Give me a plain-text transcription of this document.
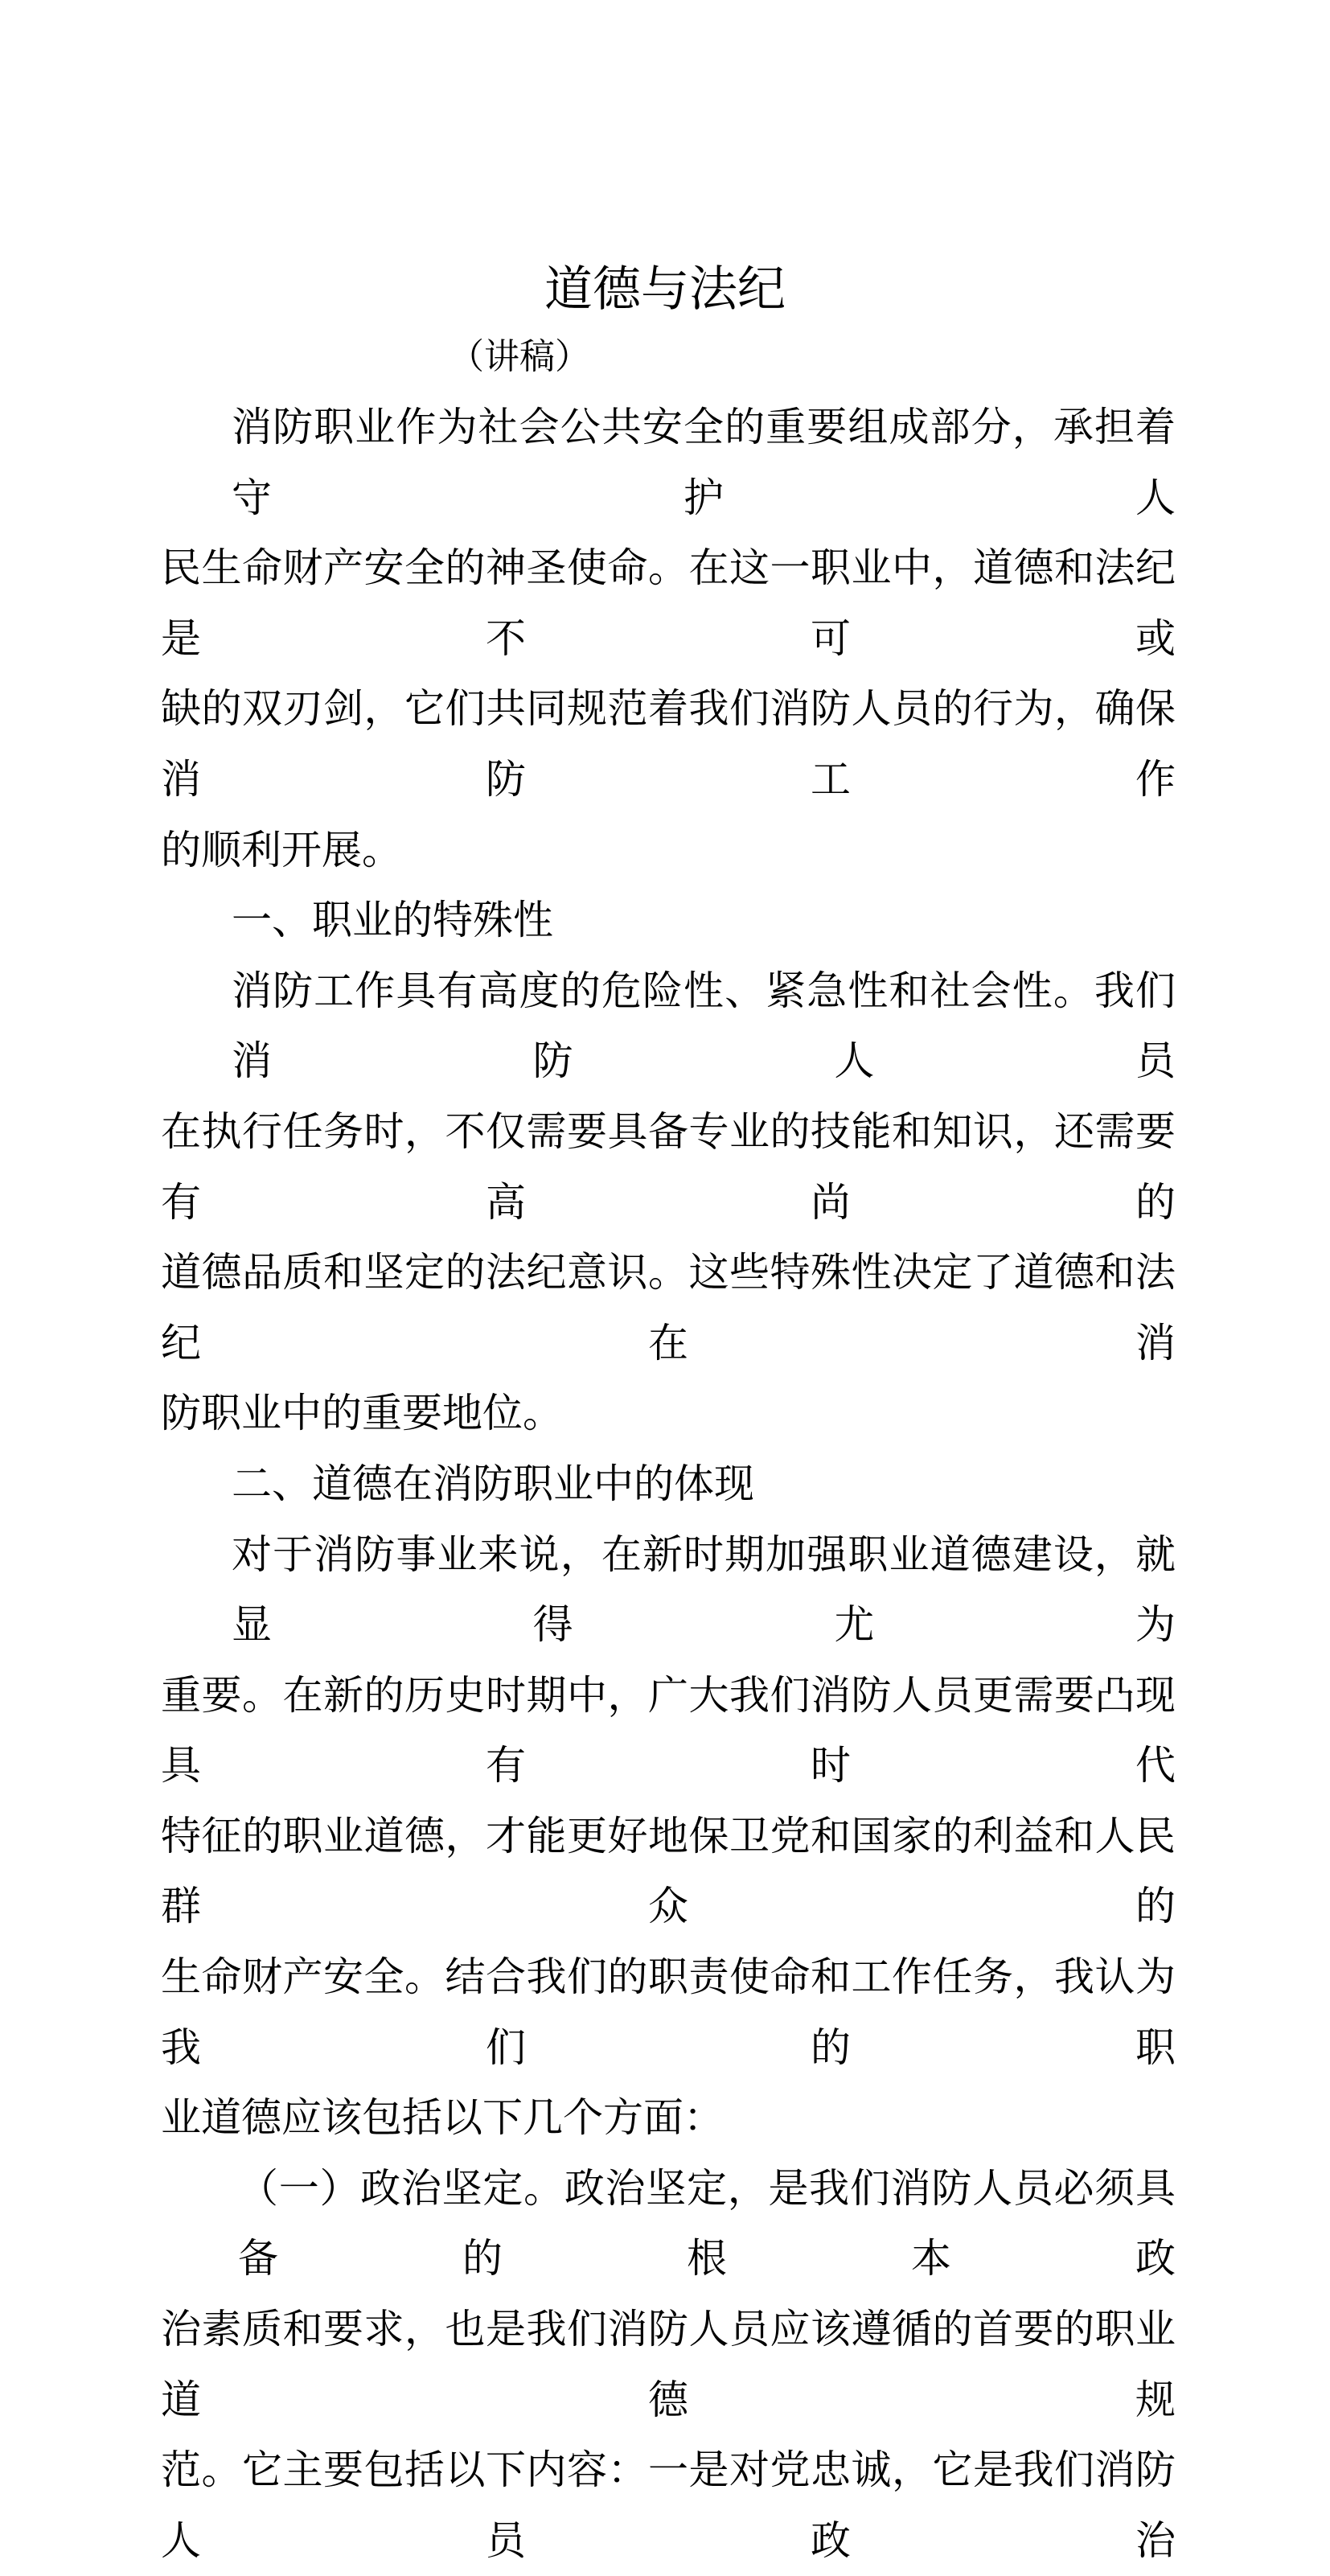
道德与法纪
（讲稿）
消防职业作为社会公共安全的重要组成部分，承担着守护人
民生命财产安全的神圣使命。在这一职业中，道德和法纪是不可或
缺的双刃剑，它们共同规范着我们消防人员的行为，确保消防工作
的顺利开展。
一、职业的特殊性
消防工作具有高度的危险性、紧急性和社会性。我们消防人员
在执行任务时，不仅需要具备专业的技能和知识，还需要有高尚的
道德品质和坚定的法纪意识。这些特殊性决定了道德和法纪在消
防职业中的重要地位。
二、道德在消防职业中的体现
对于消防事业来说，在新时期加强职业道德建设，就显得尤为
重要。在新的历史时期中，广大我们消防人员更需要凸现具有时代
特征的职业道德，才能更好地保卫党和国家的利益和人民群众的
生命财产安全。结合我们的职责使命和工作任务，我认为我们的职
业道德应该包括以下几个方面：
（一）政治坚定。政治坚定，是我们消防人员必须具备的根本政
治素质和要求，也是我们消防人员应该遵循的首要的职业道德规
范。它主要包括以下内容：一是对党忠诚，它是我们消防人员政治
